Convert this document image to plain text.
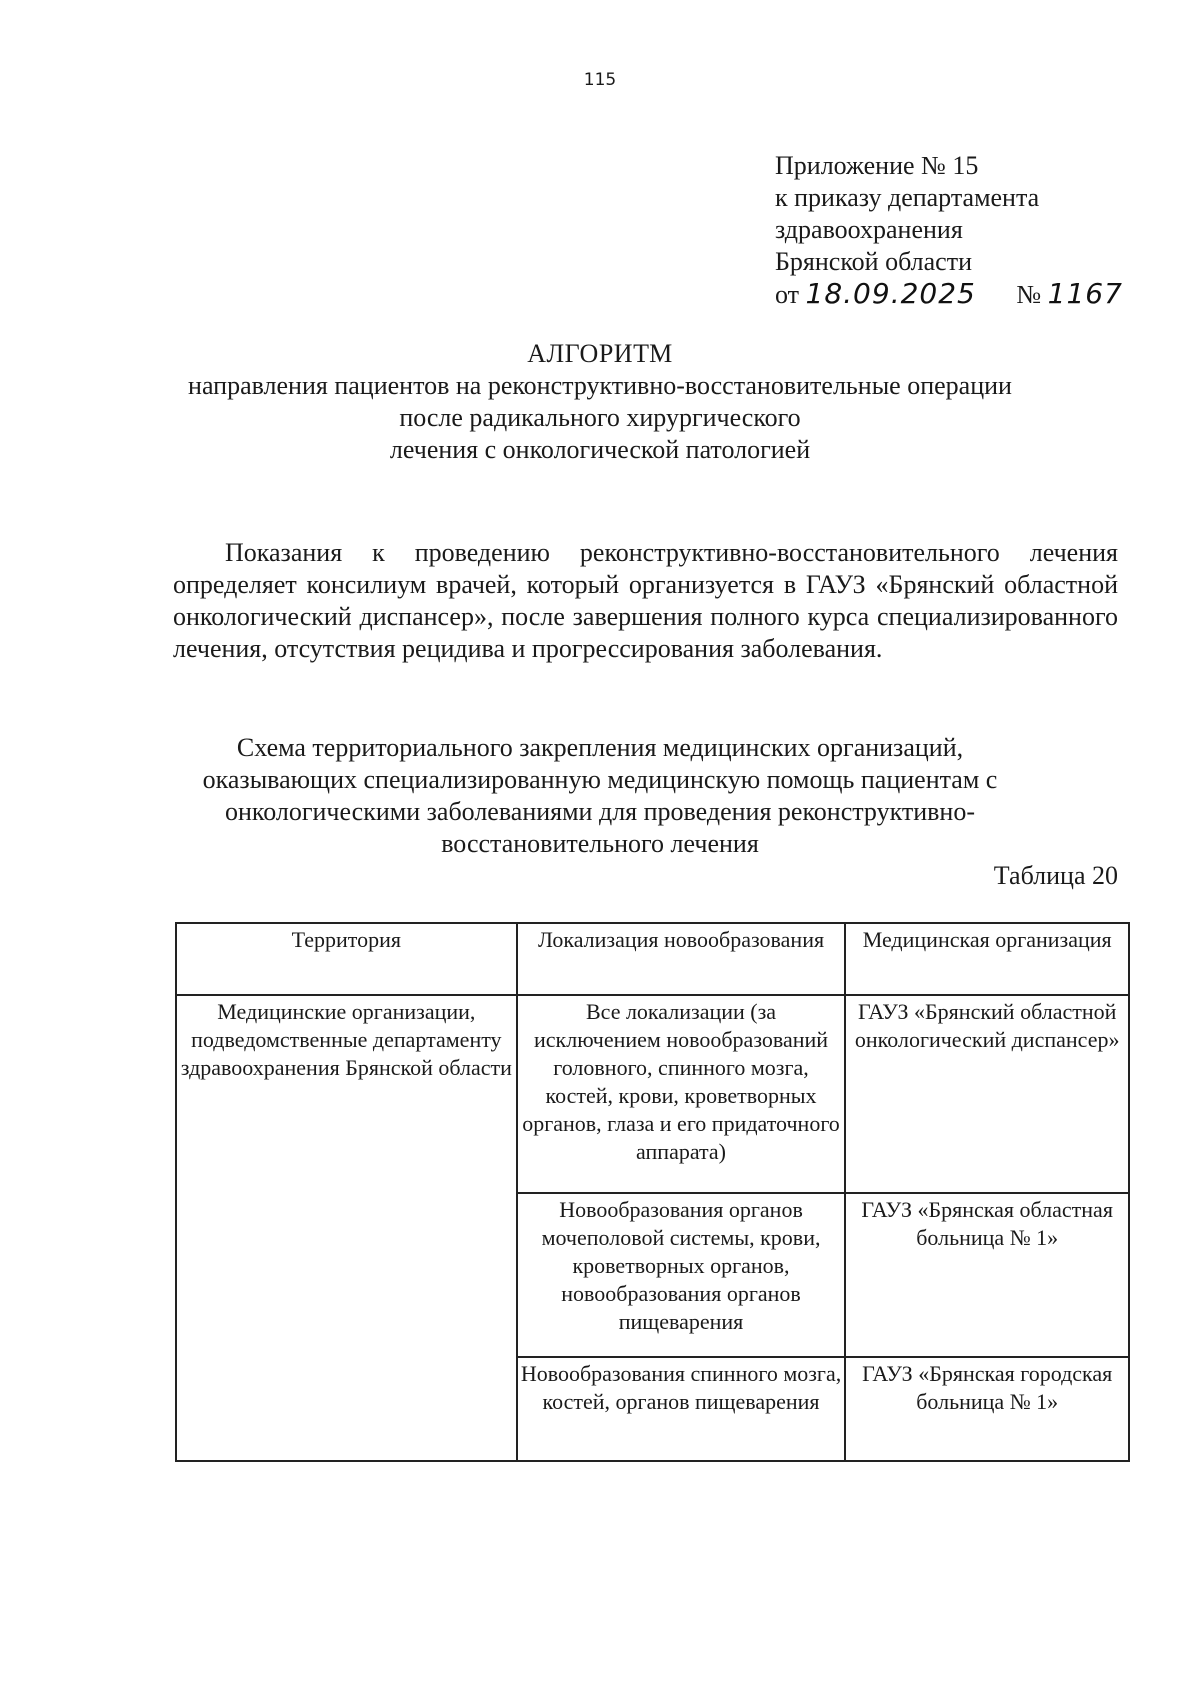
115
Приложение № 15
к приказу департамента
здравоохранения
Брянской области
от 18.09.2025 № 1167
АЛГОРИТМ
направления пациентов на реконструктивно-восстановительные операции
после радикального хирургического
лечения с онкологической патологией
Показания к проведению реконструктивно-восстановительного лечения определяет консилиум врачей, который организуется в ГАУЗ «Брянский областной онкологический диспансер», после завершения полного курса специализированного лечения, отсутствия рецидива и прогрессирования заболевания.
Схема территориального закрепления медицинских организаций,
оказывающих специализированную медицинскую помощь пациентам с
онкологическими заболеваниями для проведения реконструктивно-
восстановительного лечения
Таблица 20
Территория	Локализация новообразования	Медицинская организация
Медицинские организации, подведомственные департаменту здравоохранения Брянской области	Все локализации (за исключением новообразований головного, спинного мозга, костей, крови, кроветворных органов, глаза и его придаточного аппарата)	ГАУЗ «Брянский областной онкологический диспансер»
	Новообразования органов мочеполовой системы, крови, кроветворных органов, новообразования органов пищеварения	ГАУЗ «Брянская областная больница № 1»
	Новообразования спинного мозга, костей, органов пищеварения	ГАУЗ «Брянская городская больница № 1»
